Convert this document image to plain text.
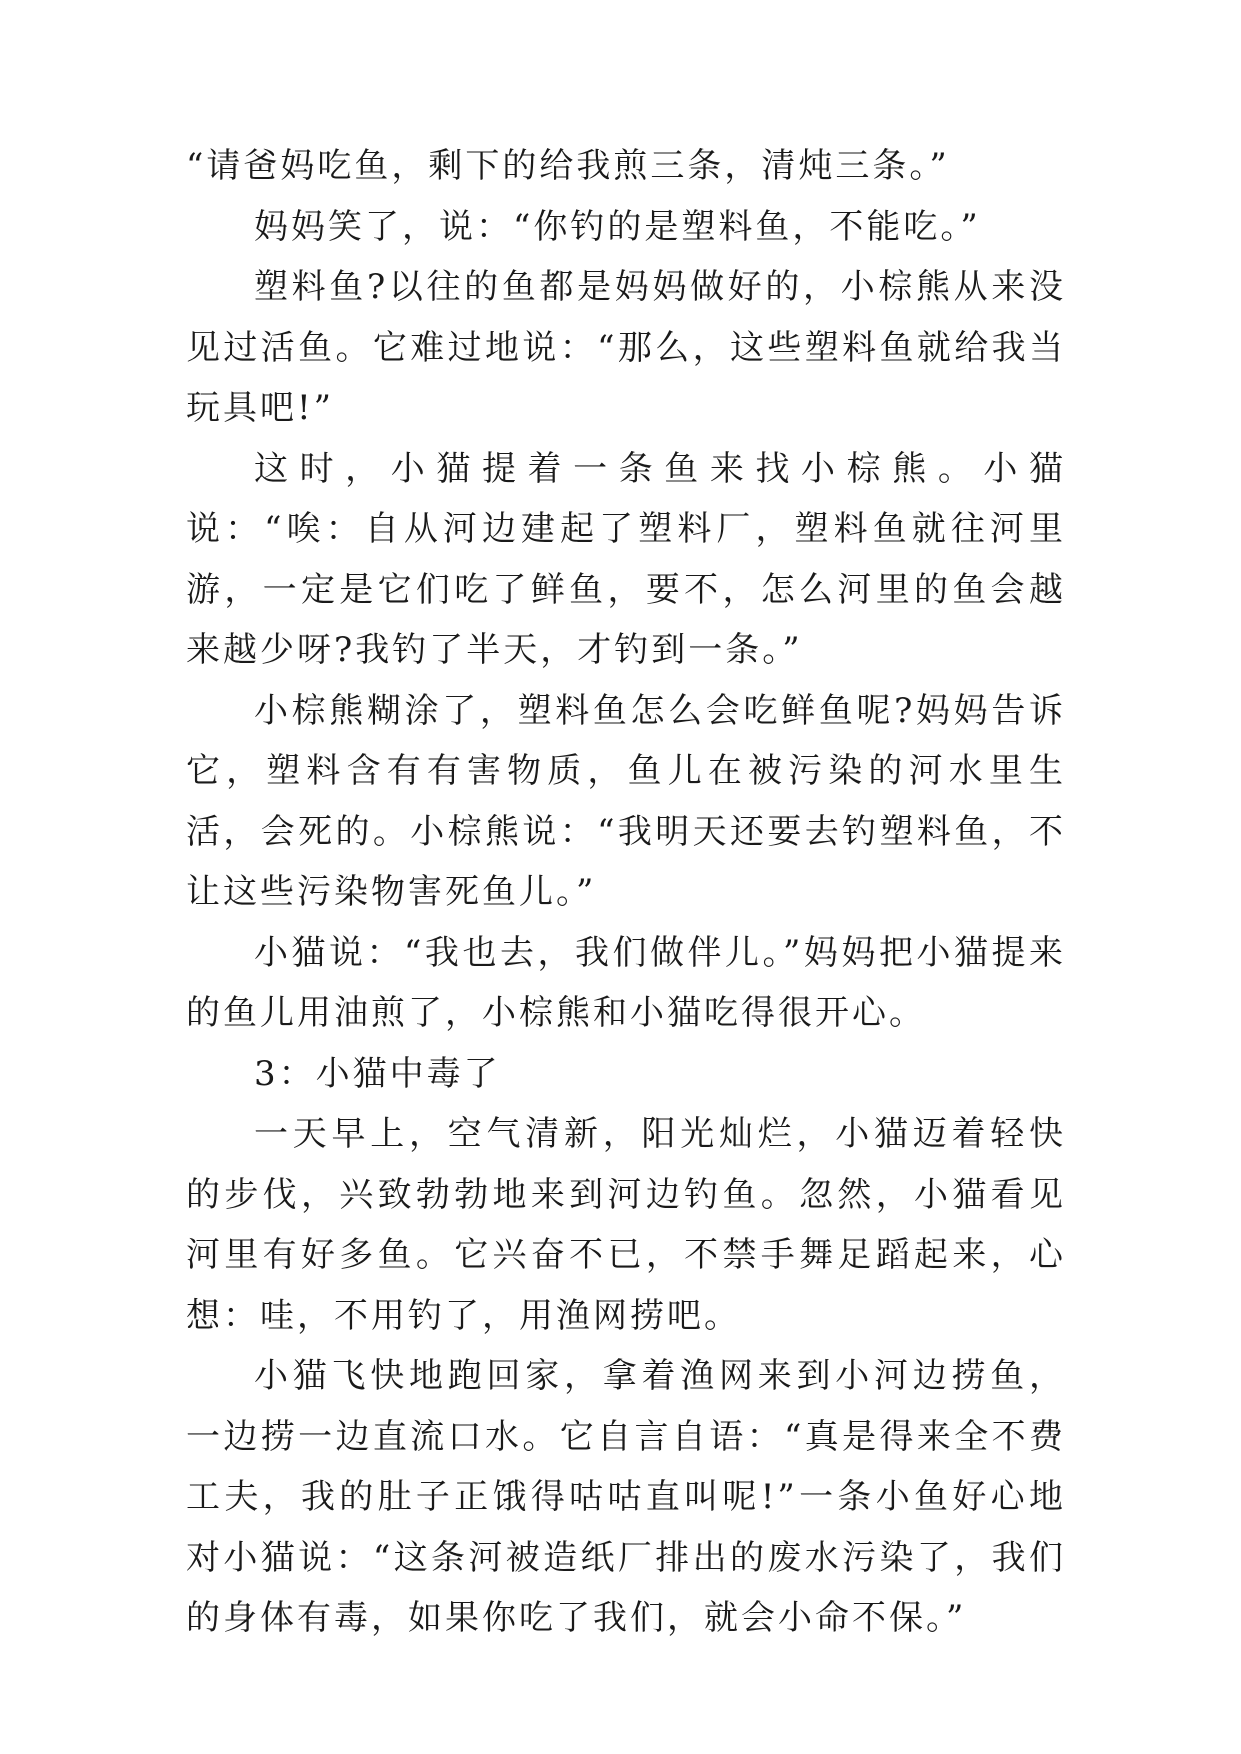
“请爸妈吃鱼，剩下的给我煎三条，清炖三条。”

妈妈笑了，说：“你钓的是塑料鱼，不能吃。”

塑料鱼?以往的鱼都是妈妈做好的，小棕熊从来没见过活鱼。它难过地说：“那么，这些塑料鱼就给我当玩具吧!”

这时，小猫提着一条鱼来找小棕熊。小猫说：“唉：自从河边建起了塑料厂，塑料鱼就往河里游，一定是它们吃了鲜鱼，要不，怎么河里的鱼会越来越少呀?我钓了半天，才钓到一条。”

小棕熊糊涂了，塑料鱼怎么会吃鲜鱼呢?妈妈告诉它，塑料含有有害物质，鱼儿在被污染的河水里生活，会死的。小棕熊说：“我明天还要去钓塑料鱼，不让这些污染物害死鱼儿。”

小猫说：“我也去，我们做伴儿。”妈妈把小猫提来的鱼儿用油煎了，小棕熊和小猫吃得很开心。

3：小猫中毒了

一天早上，空气清新，阳光灿烂，小猫迈着轻快的步伐，兴致勃勃地来到河边钓鱼。忽然，小猫看见河里有好多鱼。它兴奋不已，不禁手舞足蹈起来，心想：哇，不用钓了，用渔网捞吧。

小猫飞快地跑回家，拿着渔网来到小河边捞鱼，一边捞一边直流口水。它自言自语：“真是得来全不费工夫，我的肚子正饿得咕咕直叫呢!”一条小鱼好心地对小猫说：“这条河被造纸厂排出的废水污染了，我们的身体有毒，如果你吃了我们，就会小命不保。”
